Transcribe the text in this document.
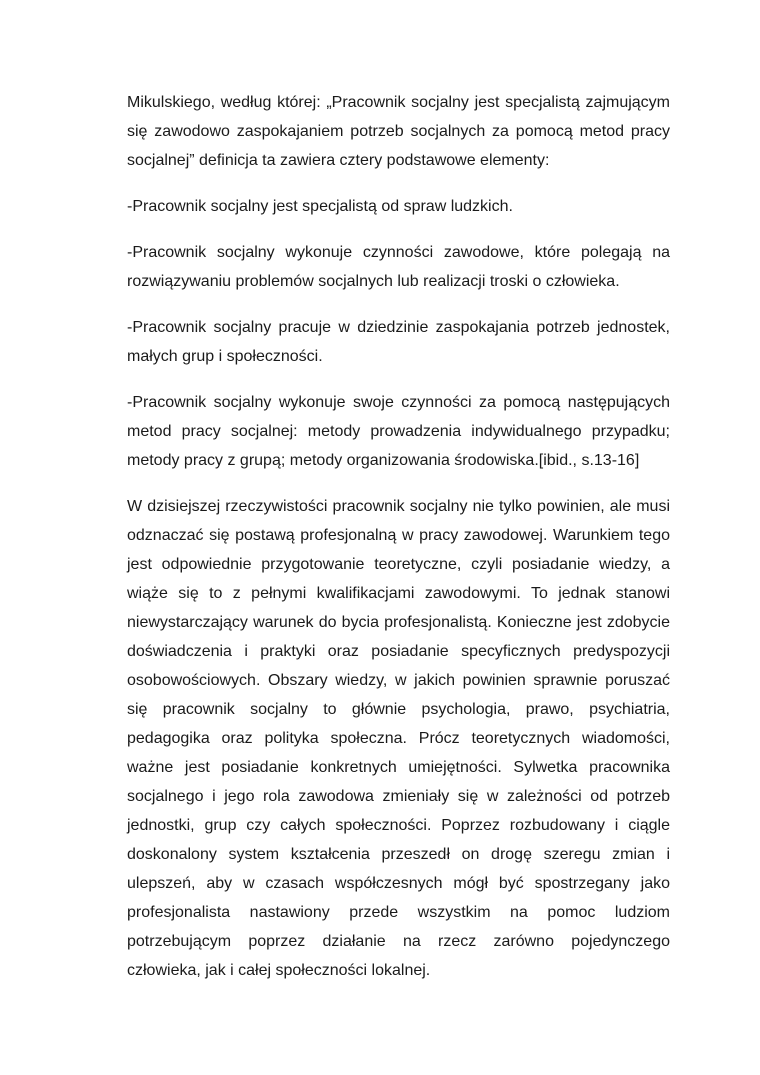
Mikulskiego, według której: „Pracownik socjalny jest specjalistą zajmującym się zawodowo zaspokajaniem potrzeb socjalnych za pomocą metod pracy socjalnej” definicja ta zawiera cztery podstawowe elementy:

-Pracownik socjalny jest specjalistą od spraw ludzkich.

-Pracownik socjalny wykonuje czynności zawodowe, które polegają na rozwiązywaniu problemów socjalnych lub realizacji troski o człowieka.

-Pracownik socjalny pracuje w dziedzinie zaspokajania potrzeb jednostek, małych grup i społeczności.

-Pracownik socjalny wykonuje swoje czynności za pomocą następujących metod pracy socjalnej: metody prowadzenia indywidualnego przypadku; metody pracy z grupą; metody organizowania środowiska.[ibid., s.13-16]

W dzisiejszej rzeczywistości pracownik socjalny nie tylko powinien, ale musi odznaczać się postawą profesjonalną w pracy zawodowej. Warunkiem tego jest odpowiednie przygotowanie teoretyczne, czyli posiadanie wiedzy, a wiąże się to z pełnymi kwalifikacjami zawodowymi. To jednak stanowi niewystarczający warunek do bycia profesjonalistą. Konieczne jest zdobycie doświadczenia i praktyki oraz posiadanie specyficznych predyspozycji osobowościowych. Obszary wiedzy, w jakich powinien sprawnie poruszać się pracownik socjalny to głównie psychologia, prawo, psychiatria, pedagogika oraz polityka społeczna. Prócz teoretycznych wiadomości, ważne jest posiadanie konkretnych umiejętności. Sylwetka pracownika socjalnego i jego rola zawodowa zmieniały się w zależności od potrzeb jednostki, grup czy całych społeczności. Poprzez rozbudowany i ciągle doskonalony system kształcenia przeszedł on drogę szeregu zmian i ulepszeń, aby w czasach współczesnych mógł być spostrzegany jako profesjonalista nastawiony przede wszystkim na pomoc ludziom potrzebującym poprzez działanie na rzecz zarówno pojedynczego człowieka, jak i całej społeczności lokalnej.
